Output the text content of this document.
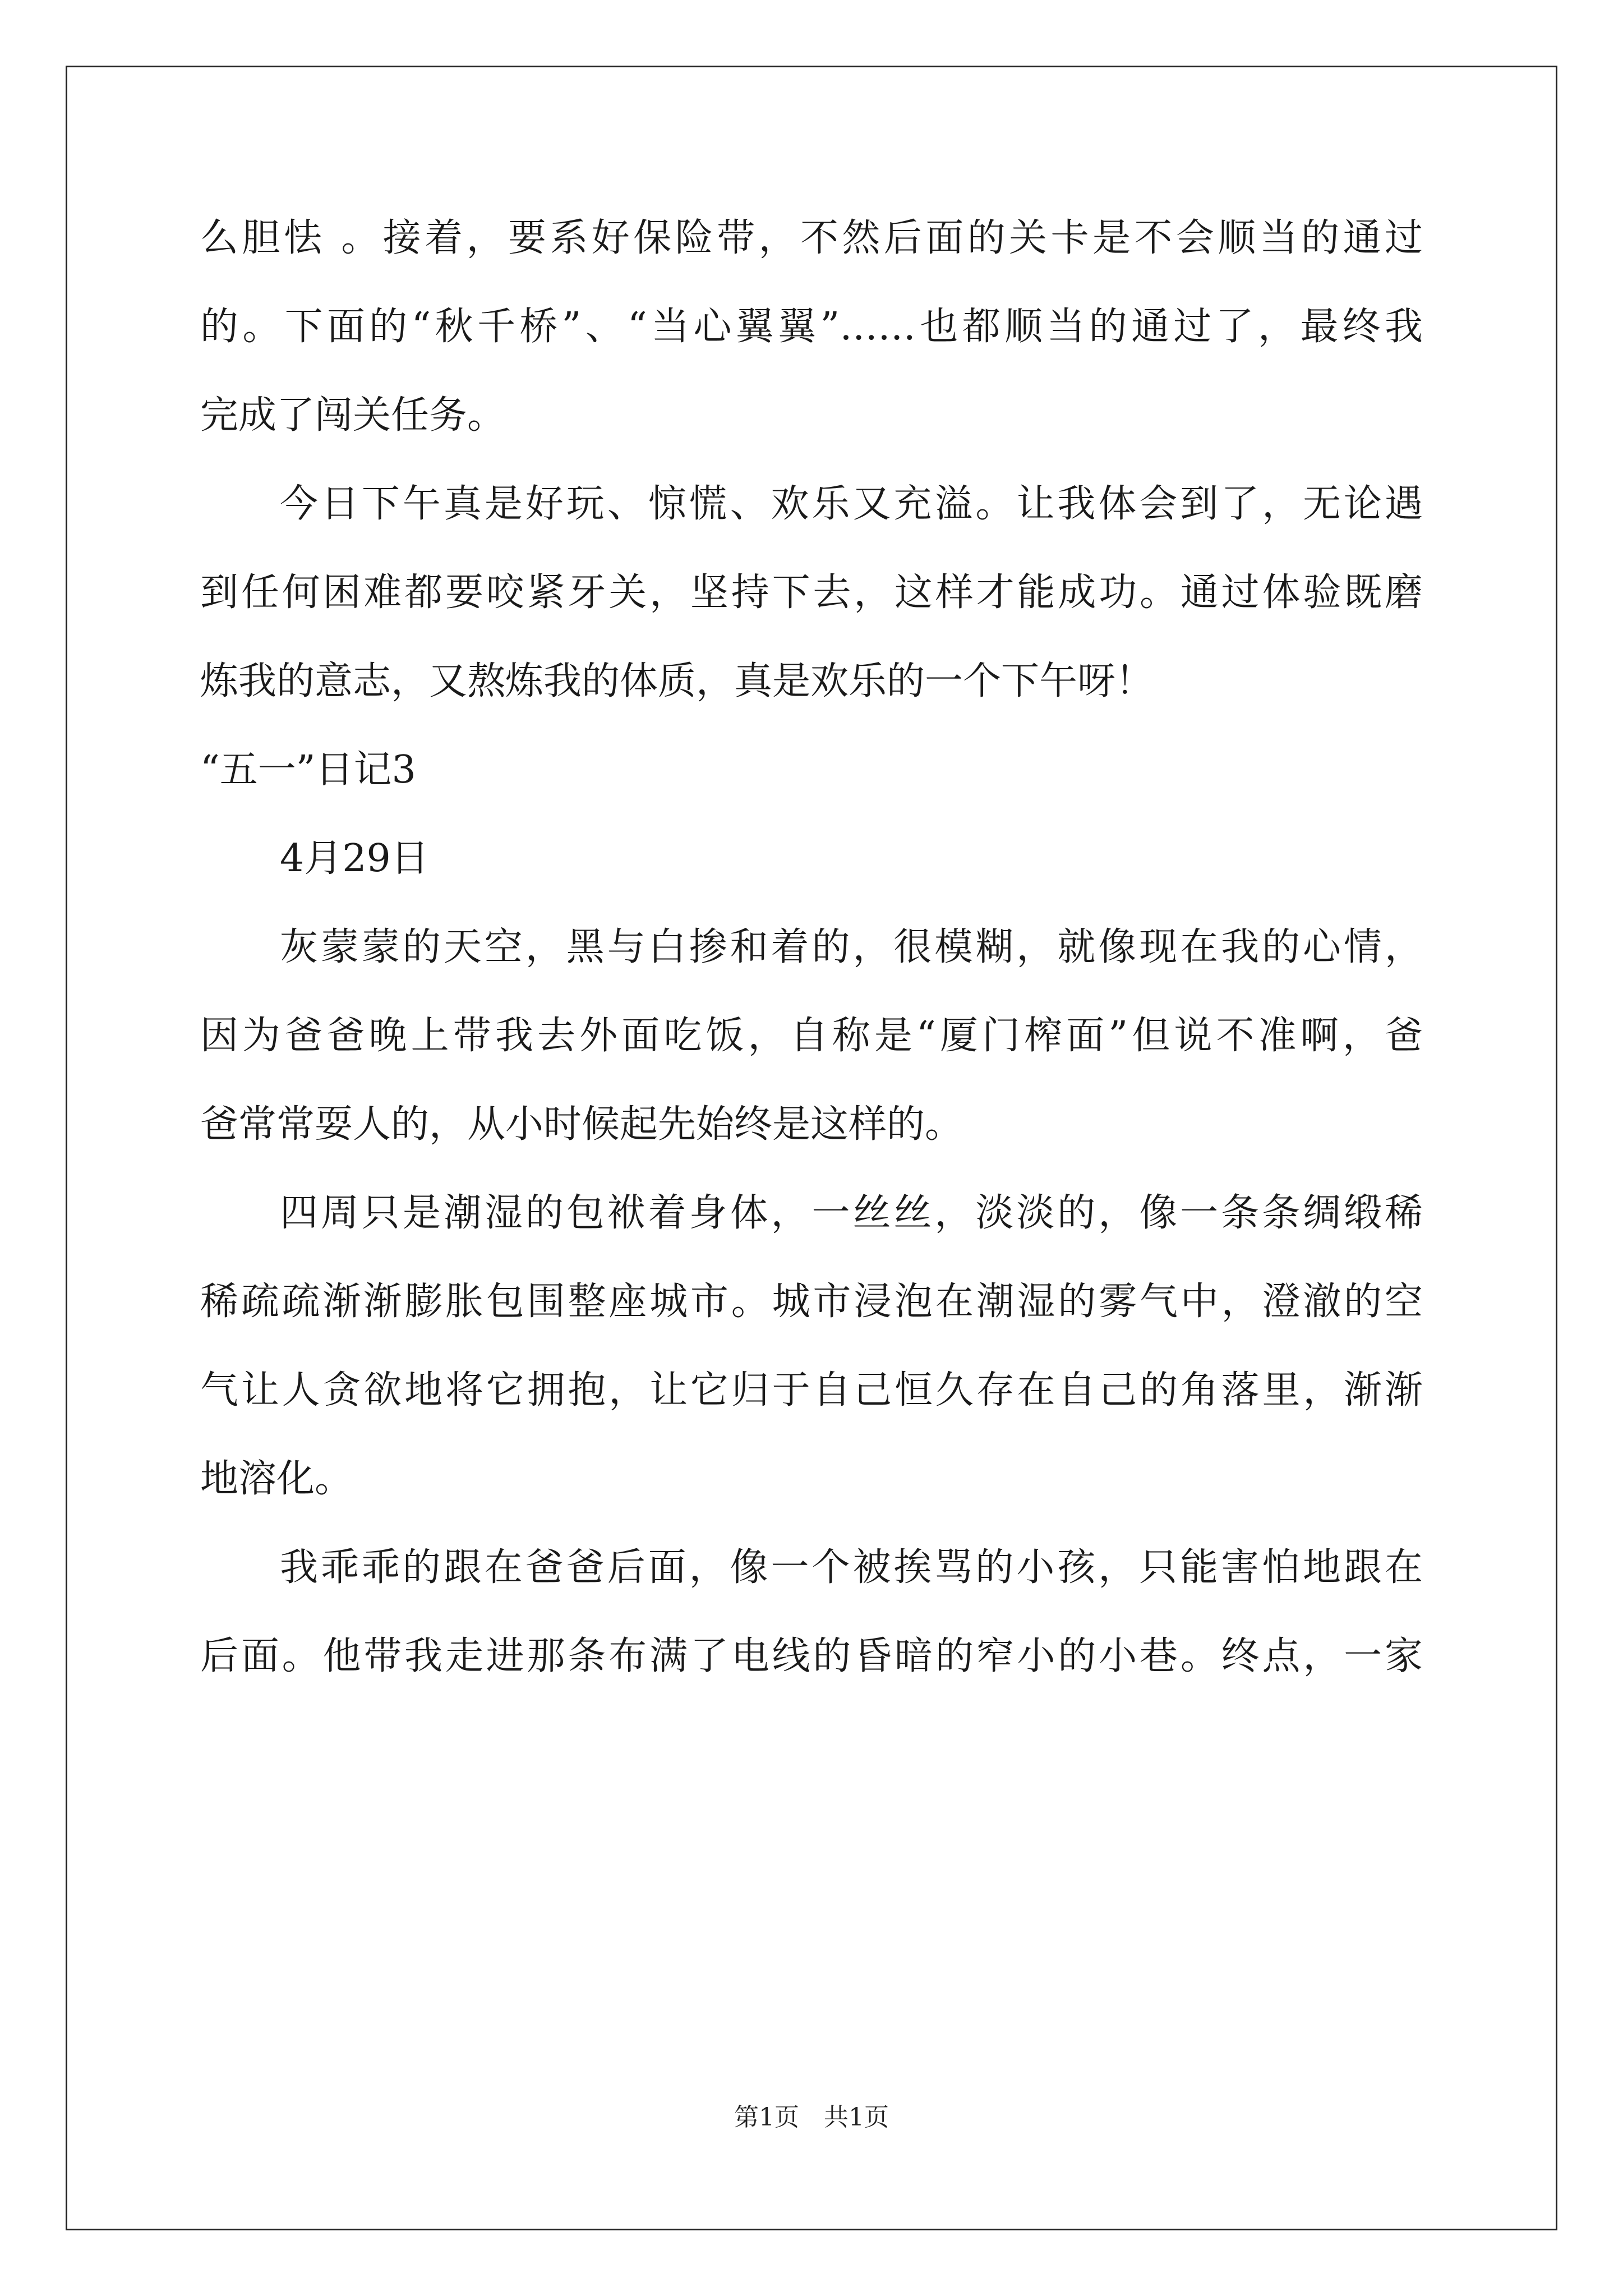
么胆怯 。接着，要系好保险带，不然后面的关卡是不会顺当的通过
的。下面的“秋千桥”、“当心翼翼”……也都顺当的通过了，最终我
完成了闯关任务。
今日下午真是好玩、惊慌、欢乐又充溢。让我体会到了，无论遇
到任何困难都要咬紧牙关，坚持下去，这样才能成功。通过体验既磨
炼我的意志，又熬炼我的体质，真是欢乐的一个下午呀！
“五一”日记3
4月29日
灰蒙蒙的天空，黑与白掺和着的，很模糊，就像现在我的心情，
因为爸爸晚上带我去外面吃饭，自称是“厦门榨面”但说不准啊，爸
爸常常耍人的，从小时候起先始终是这样的。
四周只是潮湿的包袱着身体，一丝丝，淡淡的，像一条条绸缎稀
稀疏疏渐渐膨胀包围整座城市。城市浸泡在潮湿的雾气中，澄澈的空
气让人贪欲地将它拥抱，让它归于自己恒久存在自己的角落里，渐渐
地溶化。
我乖乖的跟在爸爸后面，像一个被挨骂的小孩，只能害怕地跟在
后面。他带我走进那条布满了电线的昏暗的窄小的小巷。终点，一家
第1页　共1页
